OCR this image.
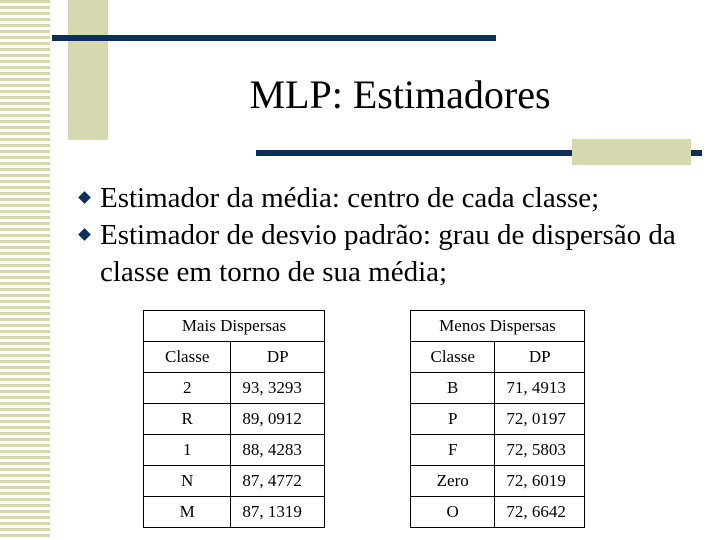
MLP: Estimadores
Estimador da média: centro de cada classe;
Estimador de desvio padrão: grau de dispersão da classe em torno de sua média;
Mais Dispersas	
Classe	DP
2	93, 3293
R	89, 0912
1	88, 4283
N	87, 4772
M	87, 1319
Menos Dispersas	
Classe	DP
B	71, 4913
P	72, 0197
F	72, 5803
Zero	72, 6019
O	72, 6642
